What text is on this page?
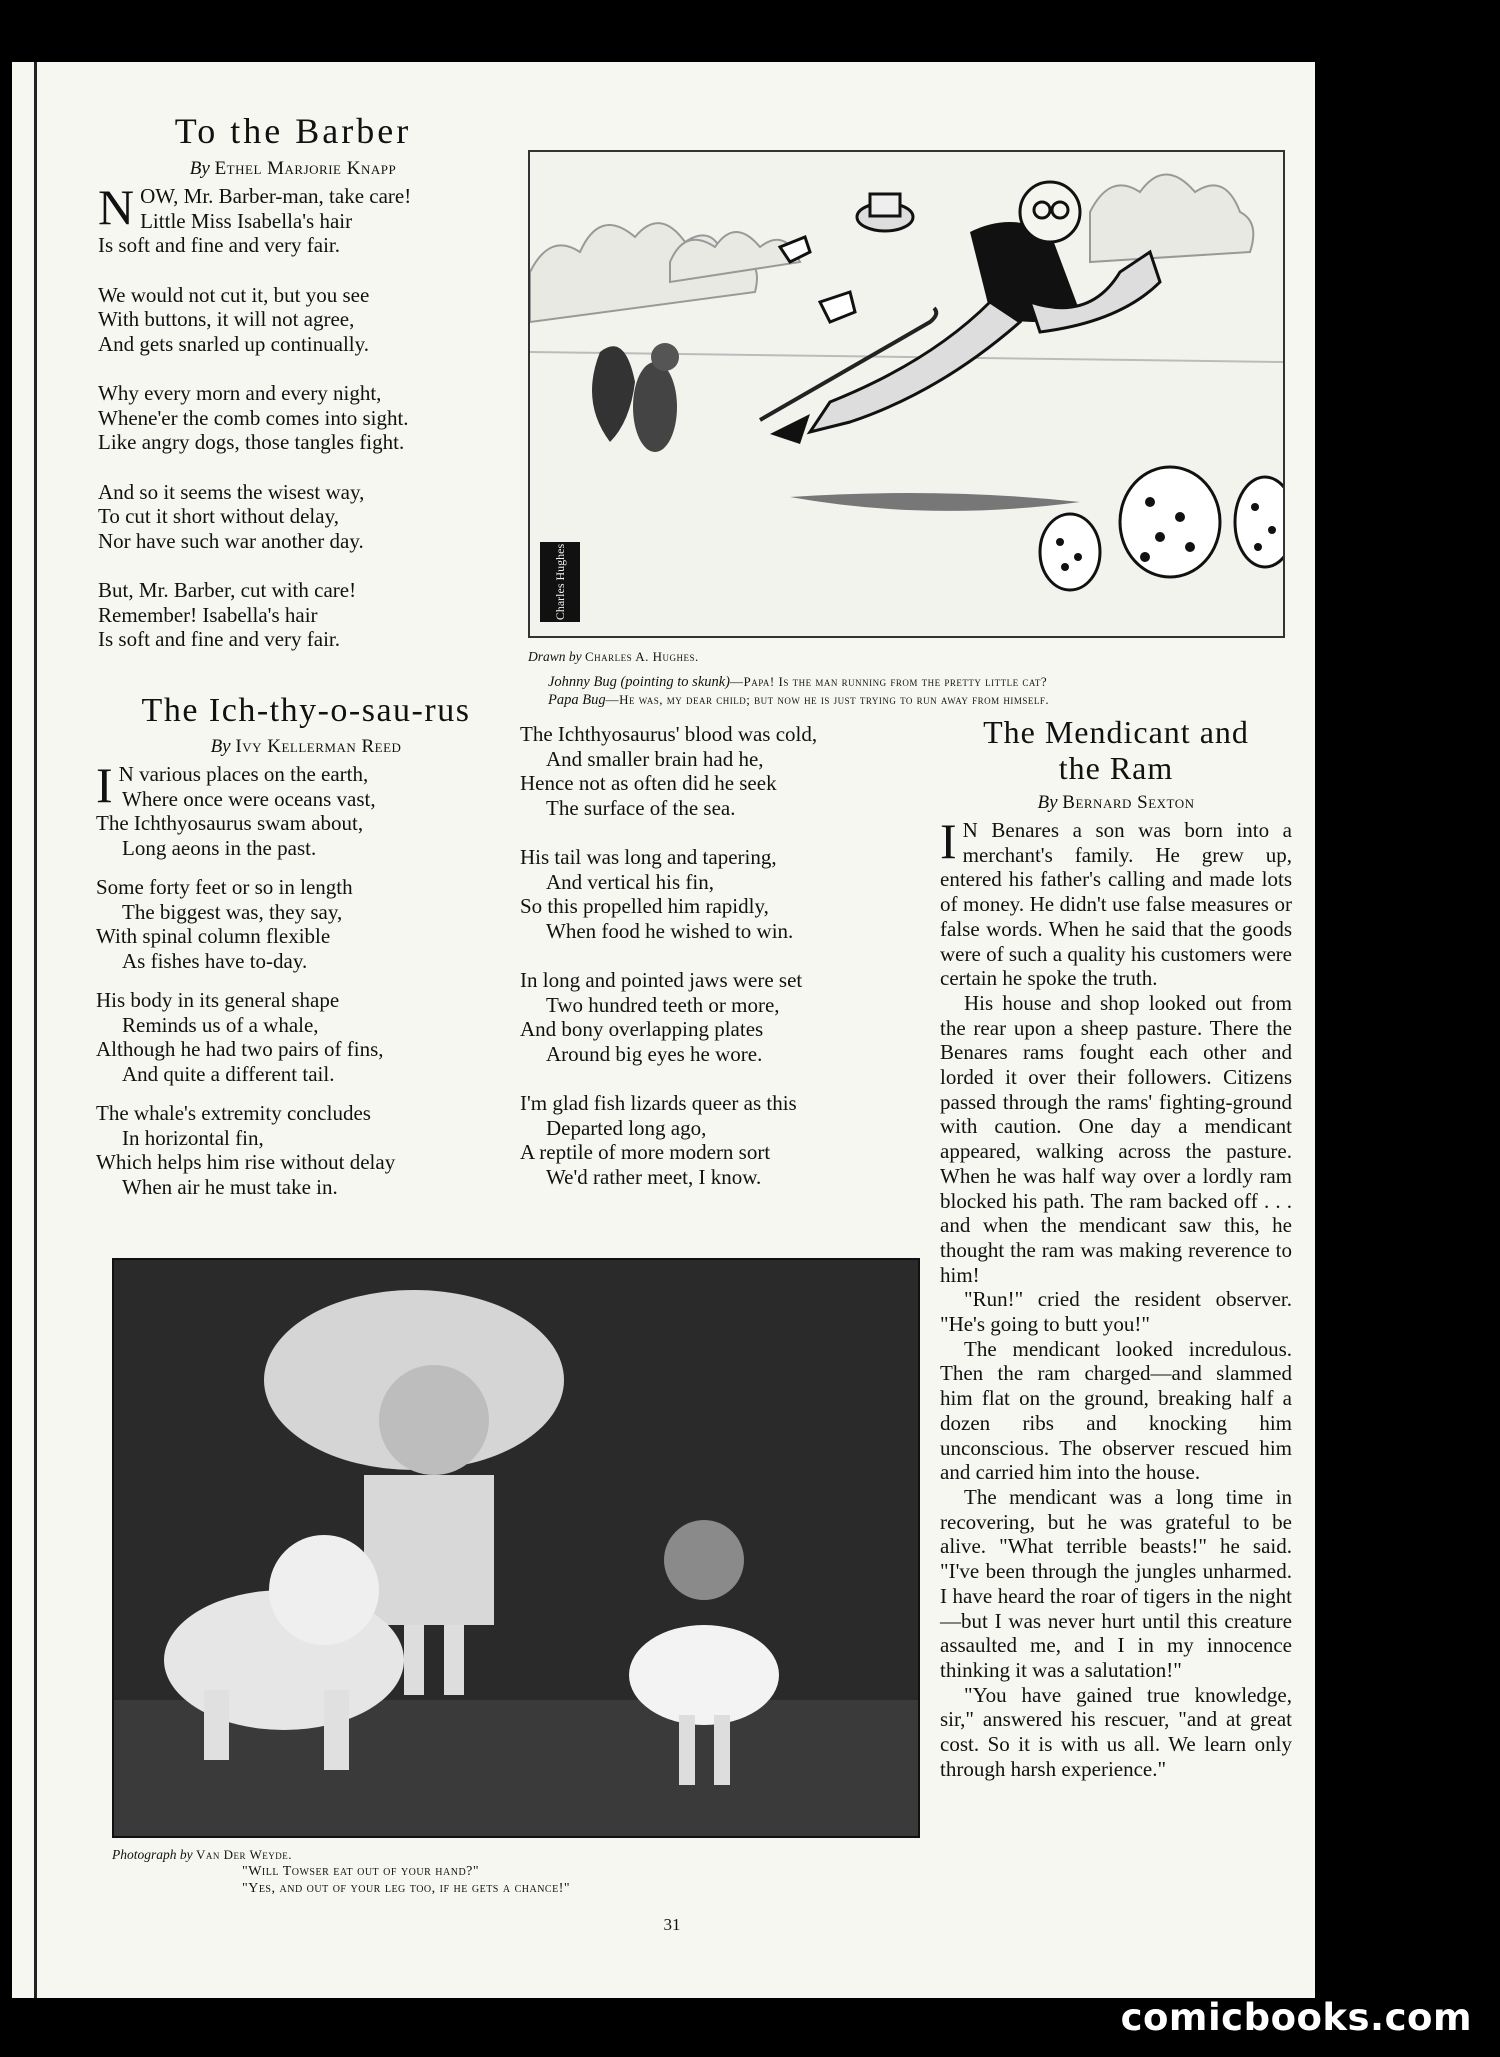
To the Barber
By Ethel Marjorie Knapp
NOW, Mr. Barber-man, take care!
Little Miss Isabella's hair
Is soft and fine and very fair.
We would not cut it, but you see
With buttons, it will not agree,
And gets snarled up continually.
Why every morn and every night,
Whene'er the comb comes into sight.
Like angry dogs, those tangles fight.
And so it seems the wisest way,
To cut it short without delay,
Nor have such war another day.
But, Mr. Barber, cut with care!
Remember! Isabella's hair
Is soft and fine and very fair.
Charles Hughes
Drawn by Charles A. Hughes.
Johnny Bug (pointing to skunk)—Papa! Is the man running from the pretty little cat?
Papa Bug—He was, my dear child; but now he is just trying to run away from himself.
The Ich-thy-o-sau-rus
By Ivy Kellerman Reed
I N various places on the earth,
Where once were oceans vast,
The Ichthyosaurus swam about,
Long aeons in the past.
Some forty feet or so in length
The biggest was, they say,
With spinal column flexible
As fishes have to-day.
His body in its general shape
Reminds us of a whale,
Although he had two pairs of fins,
And quite a different tail.
The whale's extremity concludes
In horizontal fin,
Which helps him rise without delay
When air he must take in.
The Ichthyosaurus' blood was cold,
And smaller brain had he,
Hence not as often did he seek
The surface of the sea.
His tail was long and tapering,
And vertical his fin,
So this propelled him rapidly,
When food he wished to win.
In long and pointed jaws were set
Two hundred teeth or more,
And bony overlapping plates
Around big eyes he wore.
I'm glad fish lizards queer as this
Departed long ago,
A reptile of more modern sort
We'd rather meet, I know.
The Mendicant and
the Ram
By Bernard Sexton

I N Benares a son was born into a merchant's family. He grew up, entered his father's calling and made lots of money. He didn't use false measures or false words. When he said that the goods were of such a quality his customers were certain he spoke the truth.

His house and shop looked out from the rear upon a sheep pasture. There the Benares rams fought each other and lorded it over their followers. Citizens passed through the rams' fighting-ground with caution. One day a mendicant appeared, walking across the pasture. When he was half way over a lordly ram blocked his path. The ram backed off . . . and when the mendicant saw this, he thought the ram was making reverence to him!

"Run!" cried the resident observer. "He's going to butt you!"

The mendicant looked incredulous. Then the ram charged—and slammed him flat on the ground, breaking half a dozen ribs and knocking him unconscious. The observer rescued him and carried him into the house.

The mendicant was a long time in recovering, but he was grateful to be alive. "What terrible beasts!" he said. "I've been through the jungles unharmed. I have heard the roar of tigers in the night—but I was never hurt until this creature assaulted me, and I in my innocence thinking it was a salutation!"

"You have gained true knowledge, sir," answered his rescuer, "and at great cost. So it is with us all. We learn only through harsh experience."

Photograph by Van Der Weyde.
"Will Towser eat out of your hand?"
"Yes, and out of your leg too, if he gets a chance!"
31
comicbooks.com
